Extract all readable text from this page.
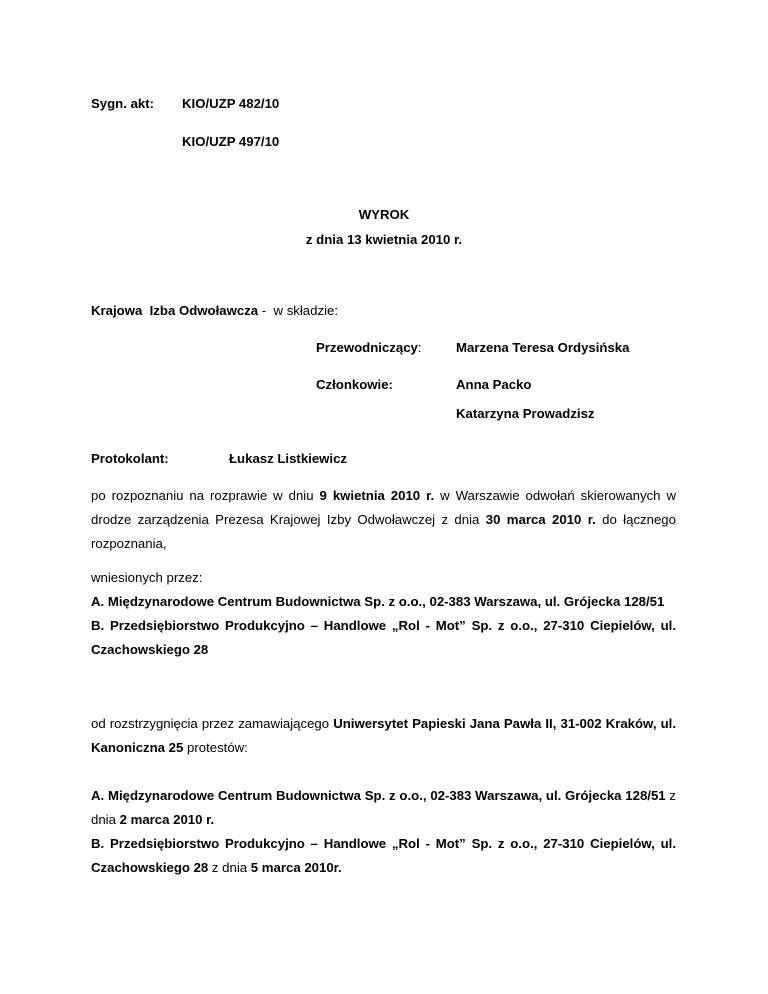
Sygn. akt: KIO/UZP 482/10
KIO/UZP 497/10
WYROK
z dnia 13 kwietnia 2010 r.
Krajowa  Izba Odwoławcza -  w składzie:
Przewodniczący:	Marzena Teresa Ordysińska
Członkowie:	Anna Packo
Katarzyna Prowadzisz
Protokolant:	Łukasz Listkiewicz
po rozpoznaniu na rozprawie w dniu 9 kwietnia 2010 r. w Warszawie odwołań skierowanych w drodze zarządzenia Prezesa Krajowej Izby Odwoławczej z dnia 30 marca 2010 r. do łącznego rozpoznania,
wniesionych przez:
A. Międzynarodowe Centrum Budownictwa Sp. z o.o., 02-383 Warszawa, ul. Grójecka 128/51
B. Przedsiębiorstwo Produkcyjno – Handlowe „Rol - Mot” Sp. z o.o., 27-310 Ciepielów, ul. Czachowskiego 28
od rozstrzygnięcia przez zamawiającego Uniwersytet Papieski Jana Pawła II, 31-002 Kraków, ul. Kanoniczna 25 protestów:
A. Międzynarodowe Centrum Budownictwa Sp. z o.o., 02-383 Warszawa, ul. Grójecka 128/51 z dnia 2 marca 2010 r.
B. Przedsiębiorstwo Produkcyjno – Handlowe „Rol - Mot” Sp. z o.o., 27-310 Ciepielów, ul. Czachowskiego 28 z dnia 5 marca 2010r.
